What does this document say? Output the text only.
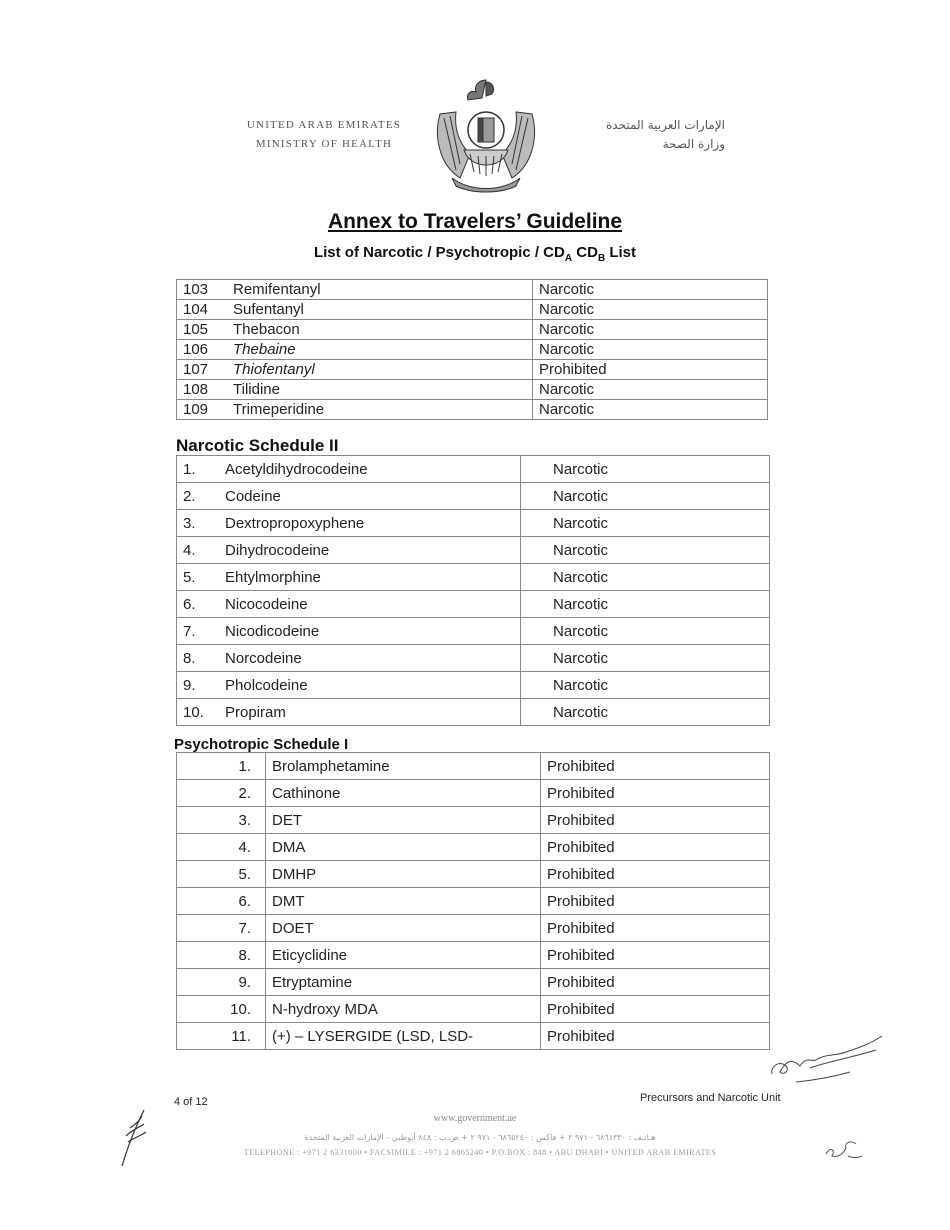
UNITED ARAB EMIRATES
MINISTRY OF HEALTH
الإمارات العربية المتحدة
وزارة الصحة
Annex to Travelers’ Guideline
List of Narcotic / Psychotropic / $CD_A$ $CD_B$ List
103	Remifentanyl	Narcotic
104	Sufentanyl	Narcotic
105	Thebacon	Narcotic
106	Thebaine	Narcotic
107	Thiofentanyl	Prohibited
108	Tilidine	Narcotic
109	Trimeperidine	Narcotic
Narcotic Schedule II
1.	Acetyldihydrocodeine	Narcotic
2.	Codeine	Narcotic
3.	Dextropropoxyphene	Narcotic
4.	Dihydrocodeine	Narcotic
5.	Ehtylmorphine	Narcotic
6.	Nicocodeine	Narcotic
7.	Nicodicodeine	Narcotic
8.	Norcodeine	Narcotic
9.	Pholcodeine	Narcotic
10.	Propiram	Narcotic
Psychotropic Schedule I
1.	Brolamphetamine	Prohibited
2.	Cathinone	Prohibited
3.	DET	Prohibited
4.	DMA	Prohibited
5.	DMHP	Prohibited
6.	DMT	Prohibited
7.	DOET	Prohibited
8.	Eticyclidine	Prohibited
9.	Etryptamine	Prohibited
10.	N-hydroxy MDA	Prohibited
11.	(+) – LYSERGIDE (LSD, LSD-	Prohibited
4 of 12	Precursors and Narcotic Unit
www.government.ae
هـاتـف : ٦٨٦١٣٣٠ - ٩٧١ ٢ + فاكس : ٦٨٦٥٢٤٠ - ٩٧١ ٢ + ص.ب : ٨٤٨ أبوظبي - الإمارات العربية المتحدة
TELEPHONE : +971 2 6331000 • FACSIMILE : +971 2 6865240 • P.O.BOX : 848 • ABU DHABI • UNITED ARAB EMIRATES
